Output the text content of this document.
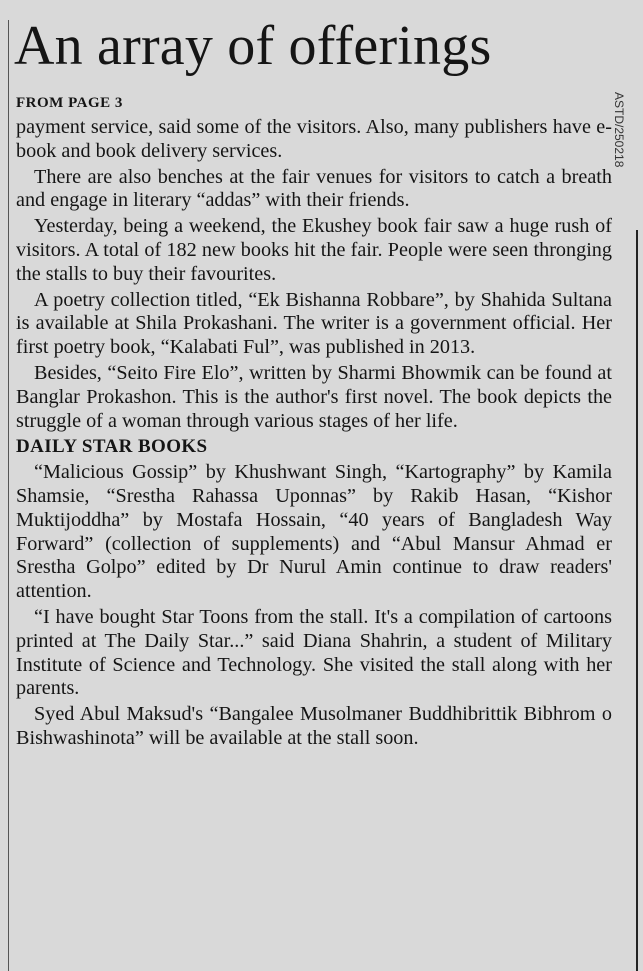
An array of offerings
FROM PAGE 3

payment service, said some of the visitors. Also, many publishers have e-book and book delivery services.

There are also benches at the fair venues for visitors to catch a breath and engage in literary “addas” with their friends.

Yesterday, being a weekend, the Ekushey book fair saw a huge rush of visitors. A total of 182 new books hit the fair. People were seen thronging the stalls to buy their favourites.

A poetry collection titled, “Ek Bishanna Robbare”, by Shahida Sultana is available at Shila Prokashani. The writer is a government official. Her first poetry book, “Kalabati Ful”, was published in 2013.

Besides, “Seito Fire Elo”, written by Sharmi Bhowmik can be found at Banglar Prokashon. This is the author's first novel. The book depicts the struggle of a woman through various stages of her life.

DAILY STAR BOOKS

“Malicious Gossip” by Khushwant Singh, “Kartography” by Kamila Shamsie, “Srestha Rahassa Uponnas” by Rakib Hasan, “Kishor Muktijoddha” by Mostafa Hossain, “40 years of Bangladesh Way Forward” (collection of supplements) and “Abul Mansur Ahmad er Srestha Golpo” edited by Dr Nurul Amin continue to draw readers' attention.

“I have bought Star Toons from the stall. It's a compilation of cartoons printed at The Daily Star...” said Diana Shahrin, a student of Military Institute of Science and Technology. She visited the stall along with her parents.

Syed Abul Maksud's “Bangalee Musolmaner Buddhibrittik Bibhrom o Bishwashinota” will be available at the stall soon.

ASTD/250218
